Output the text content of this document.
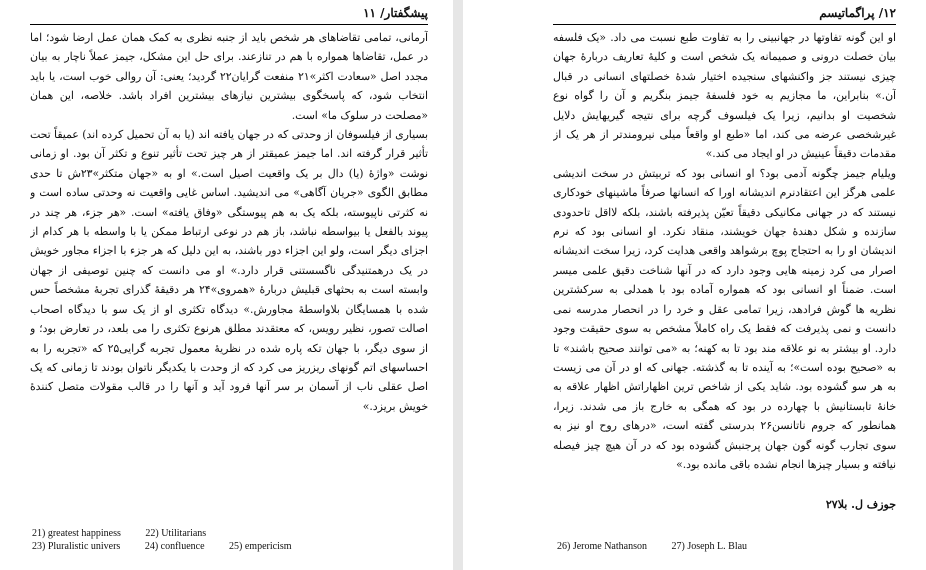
پیشگفتار/ ۱۱

آرمانی، تمامی تقاضاهای هر شخص باید از جنبه نظری به کمک همان عمل ارضا شود؛ اما در عمل، تقاضاها همواره با هم در تنازعند. برای حل این مشکل، جیمز عملاً ناچار به بیان مجدد اصل «سعادت اکثر»۲۱ منفعت گرایان۲۲ گردید؛ یعنی: آن روالی خوب است، یا باید انتخاب شود، که پاسخگوی بیشترین نیازهای بیشترین افراد باشد. خلاصه، این همان «مصلحت در سلوک ما» است.

بسیاری از فیلسوفان از وحدتی که در جهان یافته اند (یا به آن تحمیل کرده اند) عمیقاً تحت تأثیر قرار گرفته اند. اما جیمز عمیقتر از هر چیز تحت تأثیر تنوع و تکثر آن بود. او زمانی نوشت «واژهٔ (یا) دال بر یک واقعیت اصیل است.» او به «جهان متکثر»۲۳ش تا حدی مطابق الگوی «جریان آگاهی» می اندیشید. اساس غایی واقعیت نه وحدتی ساده است و نه کثرتی ناپیوسته، بلکه یک به هم پیوستگی «وفاق یافته» است. «هر جزء، هر چند در پیوند بالفعل یا بیواسطه نباشد، باز هم در نوعی ارتباط ممکن یا با واسطه با هر کدام از اجزای دیگر است، ولو این اجزاء دور باشند، به این دلیل که هر جزء با اجزاء مجاور خویش در یک درهمتنیدگی ناگسستنی قرار دارد.» او می دانست که چنین توصیفی از جهان وابسته است به بحثهای قبلیش دربارهٔ «همروی»۲۴ هر دقیقهٔ گذرای تجربهٔ مشخصاً حس شده با همسایگان بلاواسطهٔ مجاورش.» دیدگاه تکثری او از یک سو با دیدگاه اصحاب اصالت تصور، نظیر رویس، که معتقدند مطلق هرنوع تکثری را می بلعد، در تعارض بود؛ و از سوی دیگر، با جهان تکه پاره شده در نظریهٔ معمول تجربه گرایی۲۵ که «تجربه را به احساسهای اتم گونهای ریزریز می کرد که از وحدت با یکدیگر ناتوان بودند تا زمانی که یک اصل عقلی ناب از آسمان بر سر آنها فرود آید و آنها را در قالب مقولات متصل کنندهٔ خویش بریزد.»

21) greatest happiness 22) Utilitarians
23) Pluralistic univers 24) confluence 25) empericism
۱۲/ پراگماتیسم

او این گونه تفاوتها در جهانبینی را به تفاوت طبع نسبت می داد. «یک فلسفه بیان خصلت درونی و صمیمانه یک شخص است و کلیهٔ تعاریف دربارهٔ جهان چیزی نیستند جز واکنشهای سنجیده اختیار شدهٔ خصلتهای انسانی در قبال آن.» بنابراین، ما مجازیم به خود فلسفهٔ جیمز بنگریم و آن را گواه نوع شخصیت او بدانیم، زیرا یک فیلسوف گرچه برای نتیجه گیریهایش دلایل غیرشخصی عرضه می کند، اما «طبع او واقعاً میلی نیرومندتر از هر یک از مقدمات دقیقاً عینیش در او ایجاد می کند.»

ویلیام جیمز چگونه آدمی بود؟ او انسانی بود که تربیتش در سخت اندیشی علمی هرگز این اعتقادنرم اندیشانه اورا که انسانها صرفاً ماشینهای خودکاری نیستند که در جهانی مکانیکی دقیقاً تعیّن پذیرفته باشند، بلکه لااقل تاحدودی سازنده و شکل دهندهٔ جهان خویشند، منقاد نکرد. او انسانی بود که نرم اندیشان او را به احتجاج پوچ برشواهد واقعی هدایت کرد، زیرا سخت اندیشانه اصرار می کرد زمینه هایی وجود دارد که در آنها شناخت دقیق علمی میسر است. ضمناً او انسانی بود که همواره آماده بود با همدلی به سرکشترین نظریه ها گوش فرادهد، زیرا تمامی عقل و خرد را در انحصار مدرسه نمی دانست و نمی پذیرفت که فقط یک راه کاملاً مشخص به سوی حقیقت وجود دارد. او بیشتر به نو علاقه مند بود تا به کهنه؛ به «می توانند صحیح باشند» تا به «صحیح بوده است»؛ به آینده تا به گذشته. جهانی که او در آن می زیست به هر سو گشوده بود. شاید یکی از شاخص ترین اظهاراتش اظهار علاقه به خانهٔ تابستانیش با چهارده در بود که همگی به خارج باز می شدند. زیرا، همانطور که جروم ناتانسن۲۶ بدرستی گفته است، «درهای روح او نیز به سوی تجارب گونه گون جهان پرجنبش گشوده بود که در آن هیچ چیز فیصله نیافته و بسیار چیزها انجام نشده باقی مانده بود.»

جوزف ل. بلا۲۷
26) Jerome Nathanson 27) Joseph L. Blau
